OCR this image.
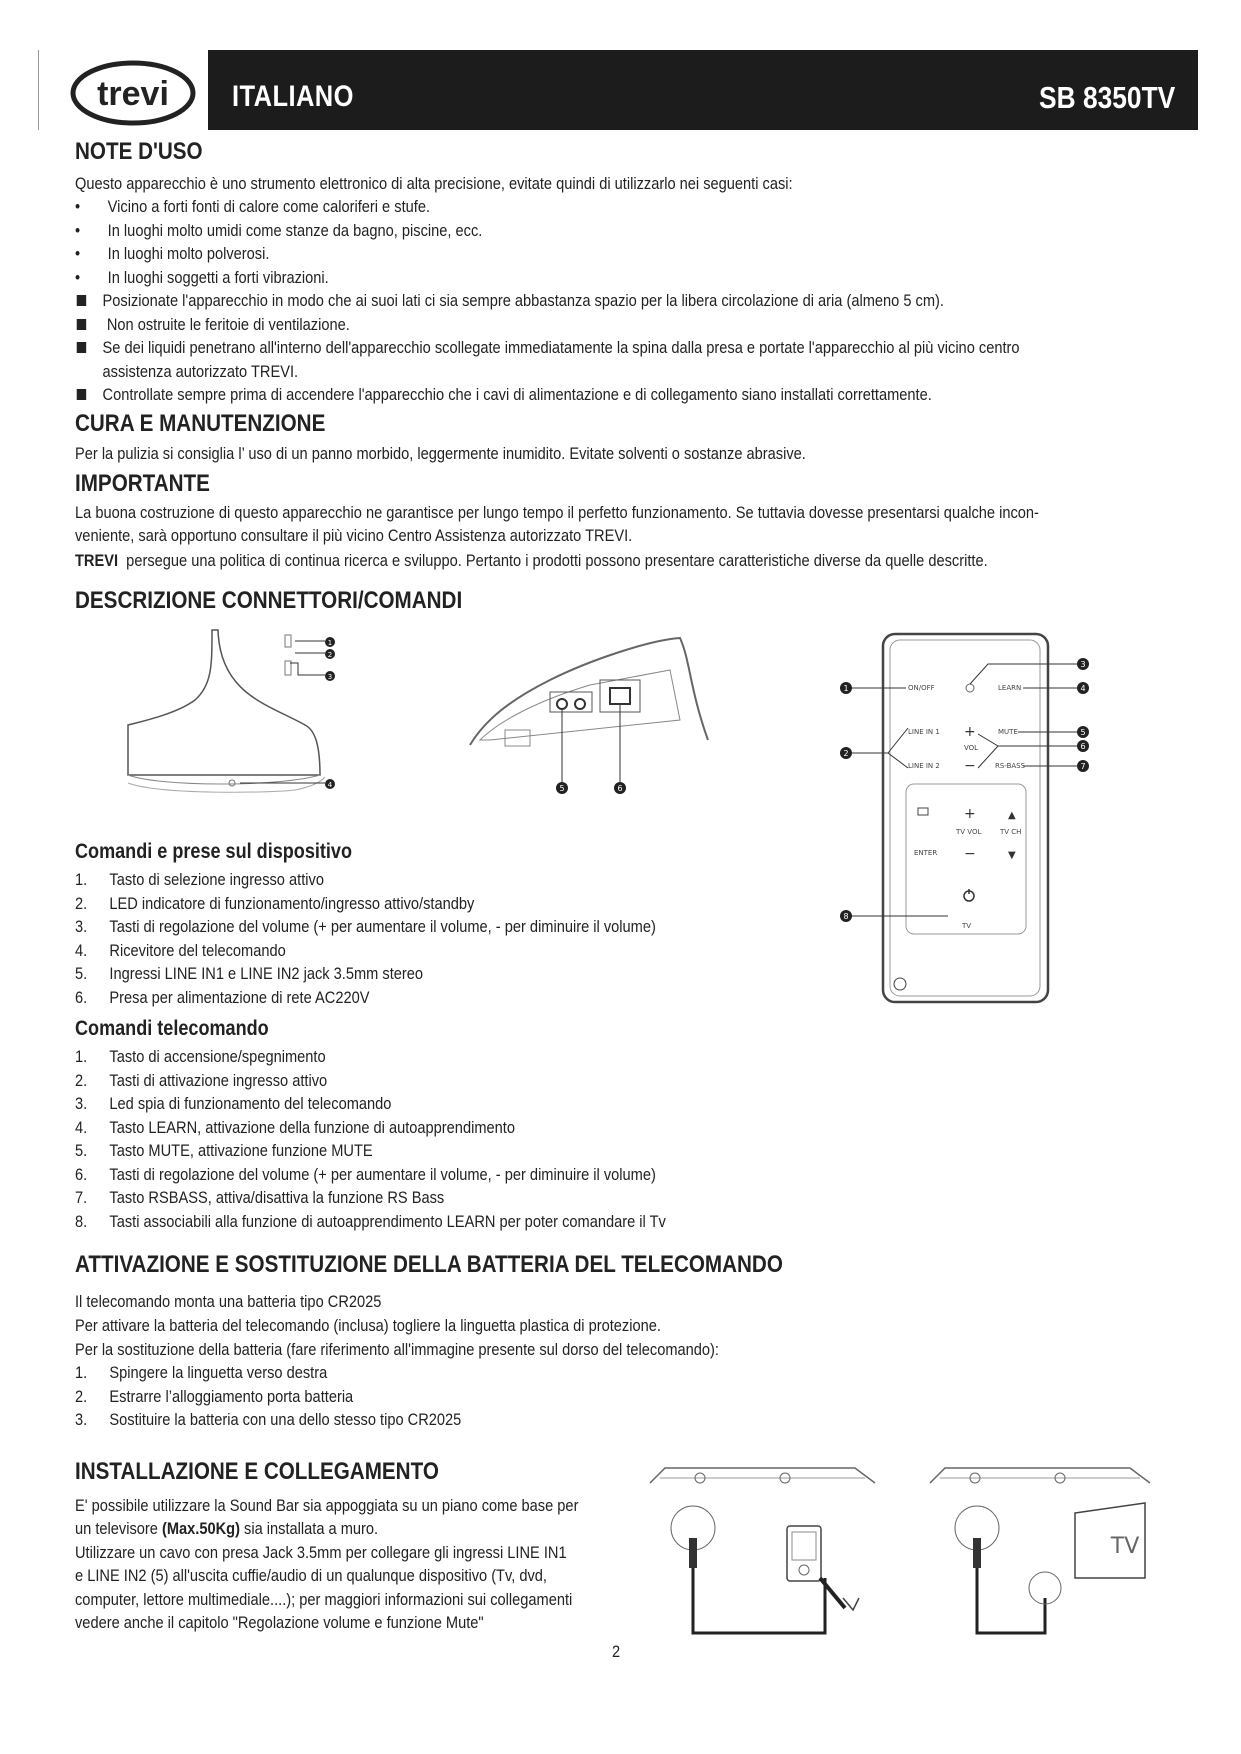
trevi ITALIANO	SB 8350TV
NOTE D'USO
Questo apparecchio è uno strumento elettronico di alta precisione, evitate quindi di utilizzarlo nei seguenti casi:
• Vicino a forti fonti di calore come caloriferi e stufe.
• In luoghi molto umidi come stanze da bagno, piscine, ecc.
• In luoghi molto polverosi.
• In luoghi soggetti a forti vibrazioni.
Posizionate l'apparecchio in modo che ai suoi lati ci sia sempre abbastanza spazio per la libera circolazione di aria (almeno 5 cm).
Non ostruite le feritoie di ventilazione.
Se dei liquidi penetrano all'interno dell'apparecchio scollegate immediatamente la spina dalla presa e portate l'apparecchio al più vicino centro
assistenza autorizzato TREVI.
Controllate sempre prima di accendere l'apparecchio che i cavi di alimentazione e di collegamento siano installati correttamente.
CURA E MANUTENZIONE
Per la pulizia si consiglia l’ uso di un panno morbido, leggermente inumidito. Evitate solventi o sostanze abrasive.
IMPORTANTE
La buona costruzione di questo apparecchio ne garantisce per lungo tempo il perfetto funzionamento. Se tuttavia dovesse presentarsi qualche incon-
veniente, sarà opportuno consultare il più vicino Centro Assistenza autorizzato TREVI.
TREVI persegue una politica di continua ricerca e sviluppo. Pertanto i prodotti possono presentare caratteristiche diverse da quelle descritte.
DESCRIZIONE CONNETTORI/COMANDI
1
2
3
4	5	6
ON/OFF	LEARN
LINE IN 1 +
VOL
−
MUTE
LINE IN 2	RS-BASS
+	▲
TV VOL	TV CH
ENTER −	▼
TV
1
2
3
4
5
6
7
8
Comandi e prese sul dispositivo
1. Tasto di selezione ingresso attivo
2. LED indicatore di funzionamento/ingresso attivo/standby
3. Tasti di regolazione del volume (+ per aumentare il volume, - per diminuire il volume)
4. Ricevitore del telecomando
5. Ingressi LINE IN1 e LINE IN2 jack 3.5mm stereo
6. Presa per alimentazione di rete AC220V
Comandi telecomando
1. Tasto di accensione/spegnimento
2. Tasti di attivazione ingresso attivo
3. Led spia di funzionamento del telecomando
4. Tasto LEARN, attivazione della funzione di autoapprendimento
5. Tasto MUTE, attivazione funzione MUTE
6. Tasti di regolazione del volume (+ per aumentare il volume, - per diminuire il volume)
7. Tasto RSBASS, attiva/disattiva la funzione RS Bass
8. Tasti associabili alla funzione di autoapprendimento LEARN per poter comandare il Tv
ATTIVAZIONE E SOSTITUZIONE DELLA BATTERIA DEL TELECOMANDO
Il telecomando monta una batteria tipo CR2025
Per attivare la batteria del telecomando (inclusa) togliere la linguetta plastica di protezione.
Per la sostituzione della batteria (fare riferimento all'immagine presente sul dorso del telecomando):
1. Spingere la linguetta verso destra
2. Estrarre l’alloggiamento porta batteria
3. Sostituire la batteria con una dello stesso tipo CR2025
INSTALLAZIONE E COLLEGAMENTO
E' possibile utilizzare la Sound Bar sia appoggiata su un piano come base per
un televisore (Max.50Kg) sia installata a muro.
Utilizzare un cavo con presa Jack 3.5mm per collegare gli ingressi LINE IN1
e LINE IN2 (5) all'uscita cuffie/audio di un qualunque dispositivo (Tv, dvd,
computer, lettore multimediale....); per maggiori informazioni sui collegamenti
vedere anche il capitolo "Regolazione volume e funzione Mute"
TV
2
